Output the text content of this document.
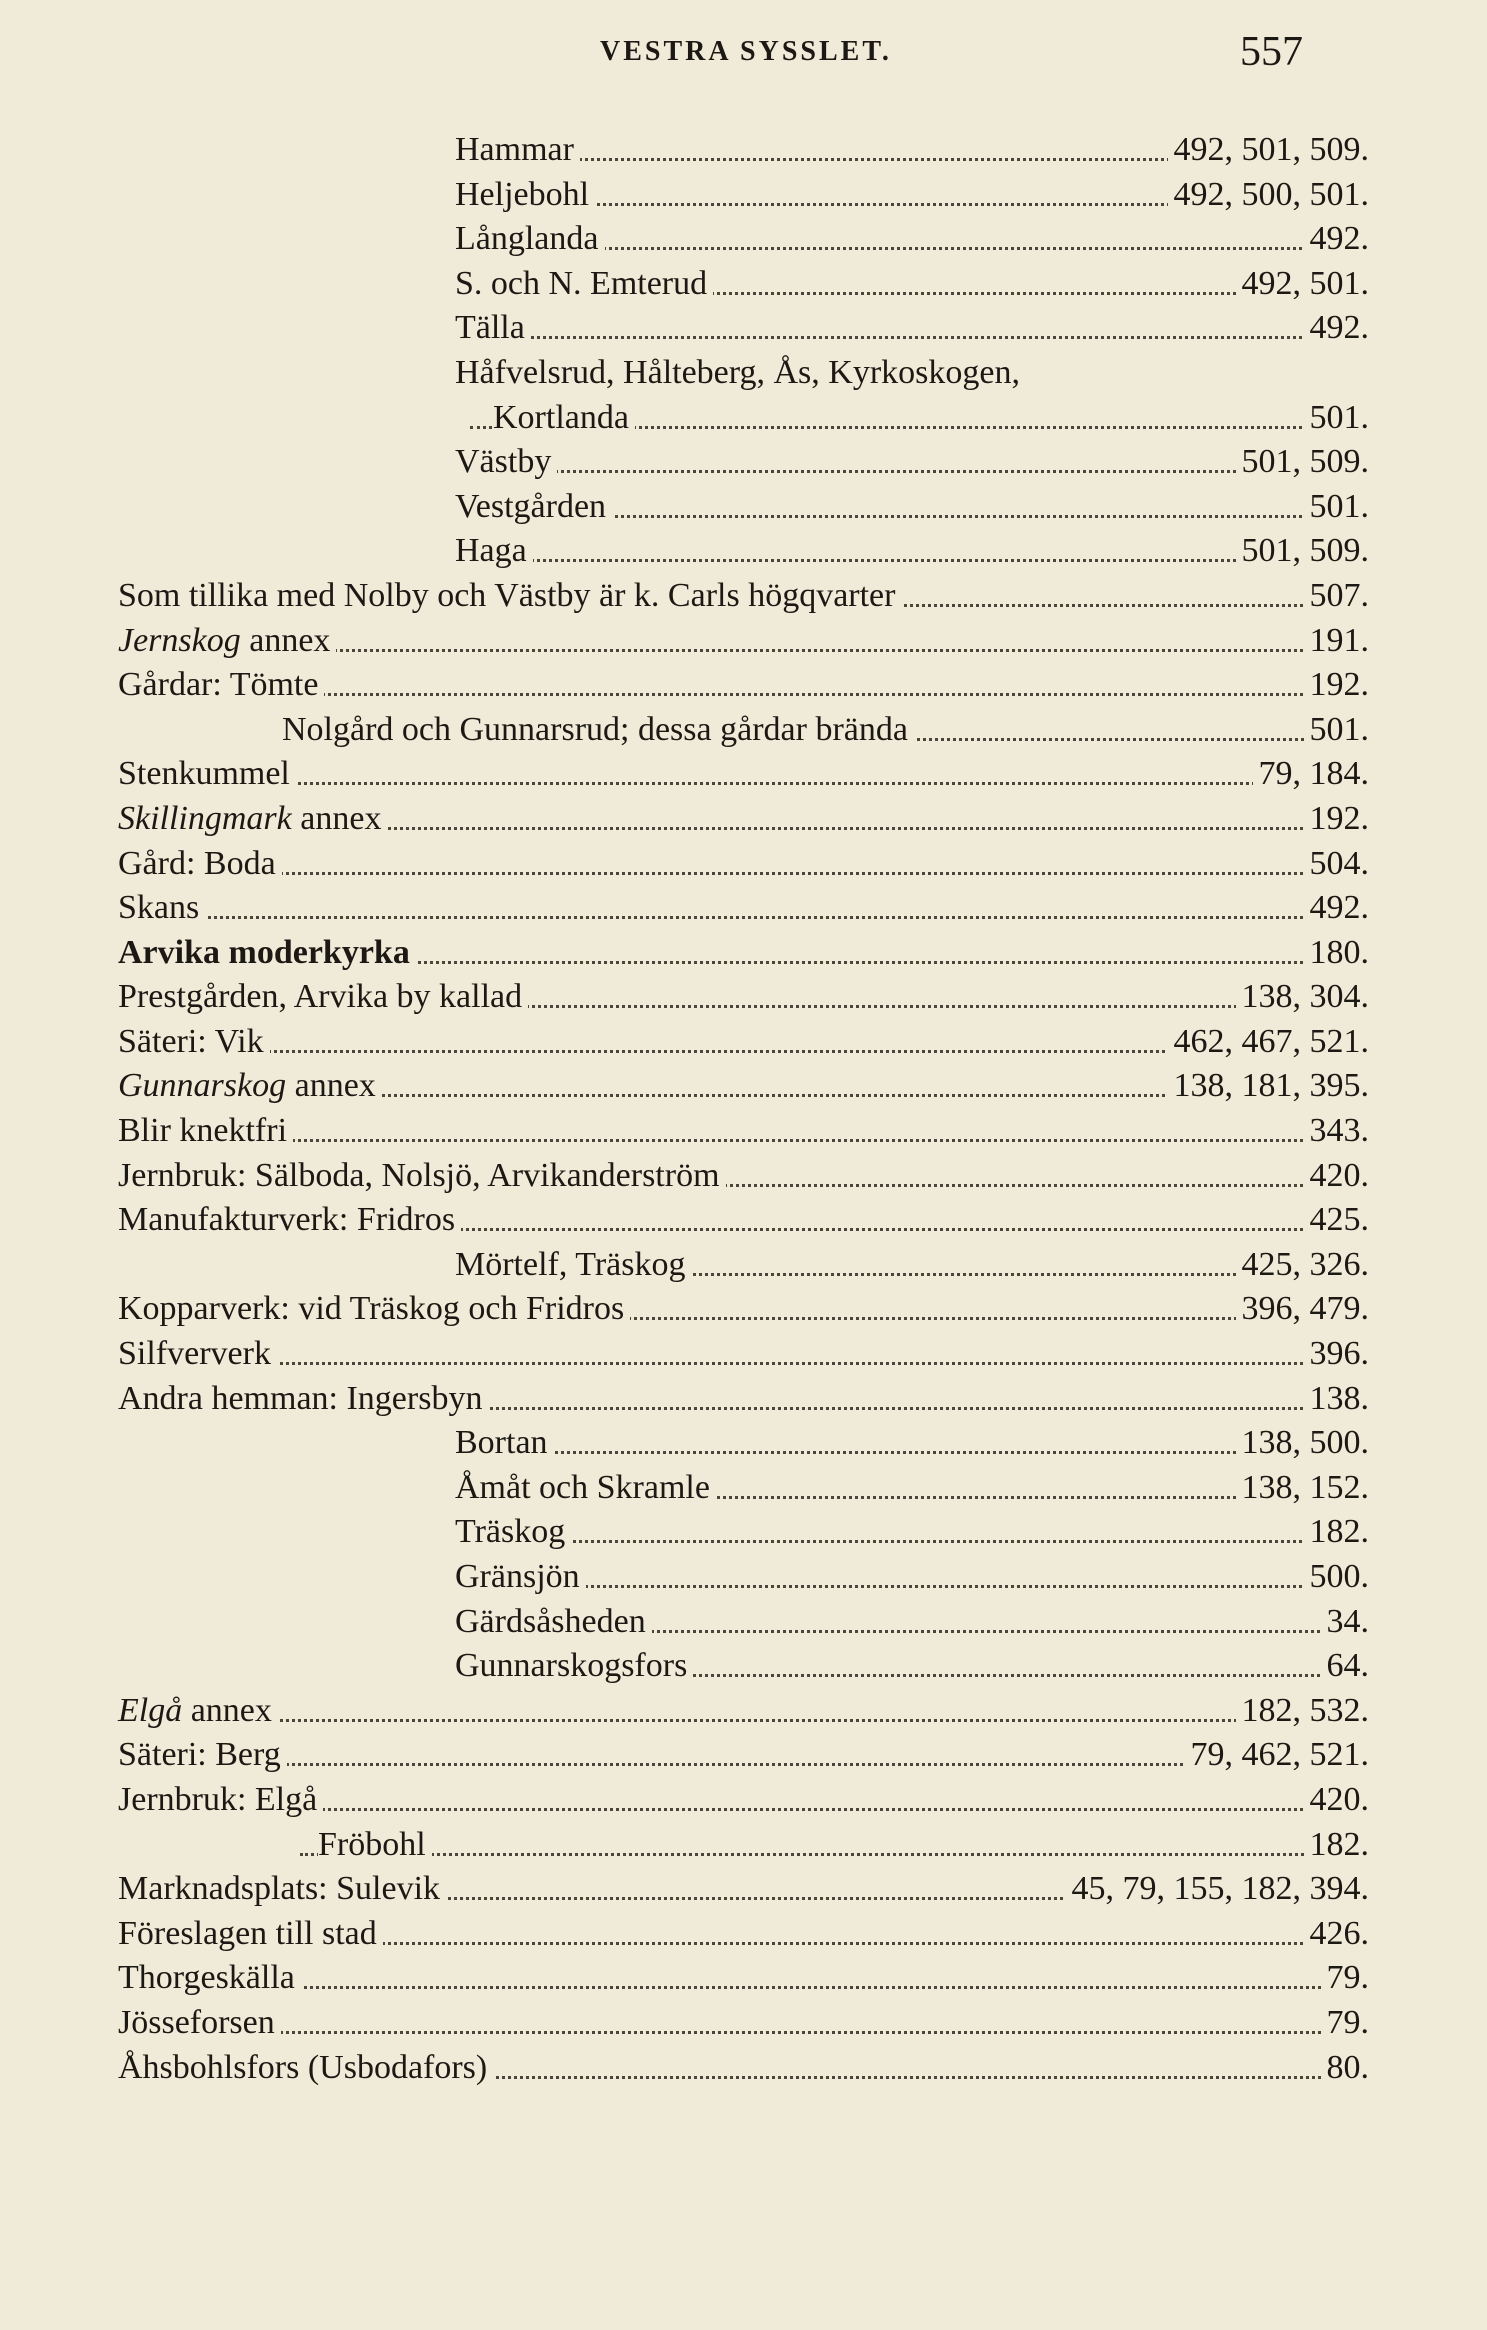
VESTRA SYSSLET.	557
Hammar	492, 501, 509.
Heljebohl	492, 500, 501.
Långlanda	492.
S. och N. Emterud	492, 501.
Tälla	492.
Håfvelsrud, Hålteberg, Ås, Kyrkoskogen,
Kortlanda	501.
Västby	501, 509.
Vestgården	501.
Haga	501, 509.
Som tillika med Nolby och Västby är k. Carls högqvarter	507.
Jernskog annex	191.
Gårdar: Tömte	192.
Nolgård och Gunnarsrud; dessa gårdar brända	501.
Stenkummel	79, 184.
Skillingmark annex	192.
Gård: Boda	504.
Skans	492.
Arvika moderkyrka	180.
Prestgården, Arvika by kallad	138, 304.
Säteri: Vik	462, 467, 521.
Gunnarskog annex	138, 181, 395.
Blir knektfri	343.
Jernbruk: Sälboda, Nolsjö, Arvikanderström	420.
Manufakturverk: Fridros	425.
Mörtelf, Träskog	425, 326.
Kopparverk: vid Träskog och Fridros	396, 479.
Silfververk	396.
Andra hemman: Ingersbyn	138.
Bortan	138, 500.
Åmåt och Skramle	138, 152.
Träskog	182.
Gränsjön	500.
Gärdsåsheden	34.
Gunnarskogsfors	64.
Elgå annex	182, 532.
Säteri: Berg	79, 462, 521.
Jernbruk: Elgå	420.
Fröbohl	182.
Marknadsplats: Sulevik	45, 79, 155, 182, 394.
Föreslagen till stad	426.
Thorgeskälla	79.
Jösseforsen	79.
Åhsbohlsfors (Usbodafors)	80.
